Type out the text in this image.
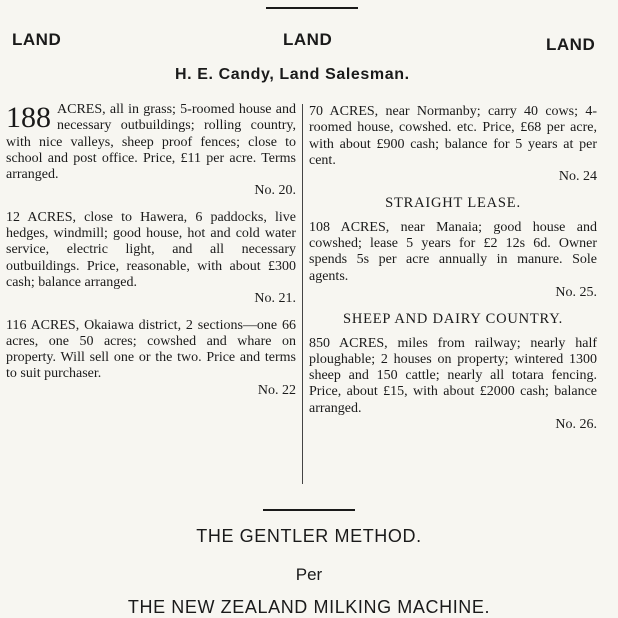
LAND	LAND	LAND
H. E. Candy, Land Salesman.
188 ACRES, all in grass; 5-roomed house and necessary outbuildings; rolling country, with nice valleys, sheep proof fences; close to school and post office. Price, £11 per acre. Terms arranged.
No. 20.
12 ACRES, close to Hawera, 6 paddocks, live hedges, windmill; good house, hot and cold water service, electric light, and all necessary outbuildings. Price, reasonable, with about £300 cash; balance arranged.
No. 21.
116 ACRES, Okaiawa district, 2 sections—one 66 acres, one 50 acres; cowshed and whare on property. Will sell one or the two. Price and terms to suit purchaser.
No. 22
70 ACRES, near Normanby; carry 40 cows; 4-roomed house, cowshed. etc. Price, £68 per acre, with about £900 cash; balance for 5 years at per cent.
No. 24
STRAIGHT LEASE.
108 ACRES, near Manaia; good house and cowshed; lease 5 years for £2 12s 6d. Owner spends 5s per acre annually in manure. Sole agents.
No. 25.
SHEEP AND DAIRY COUNTRY.
850 ACRES, miles from railway; nearly half ploughable; 2 houses on property; wintered 1300 sheep and 150 cattle; nearly all totara fencing. Price, about £15, with about £2000 cash; balance arranged.
No. 26.
THE GENTLER METHOD.
Per
THE NEW ZEALAND MILKING MACHINE.
